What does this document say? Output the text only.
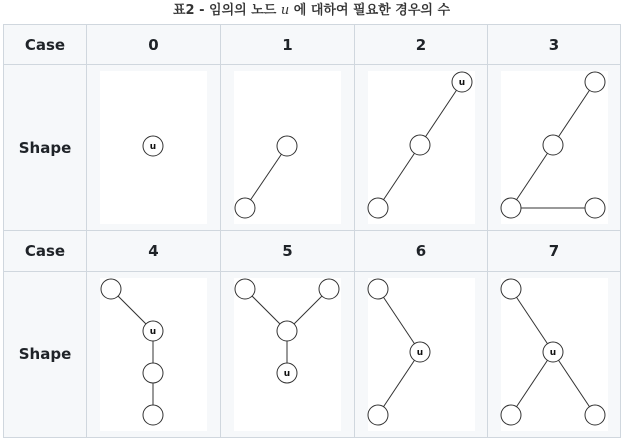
표2 - 임의의 노드 u 에 대하여 필요한 경우의 수
Case	0	1	2	3
Shape	u		u

Case	4	5	6	7
Shape	u	u	u	u
